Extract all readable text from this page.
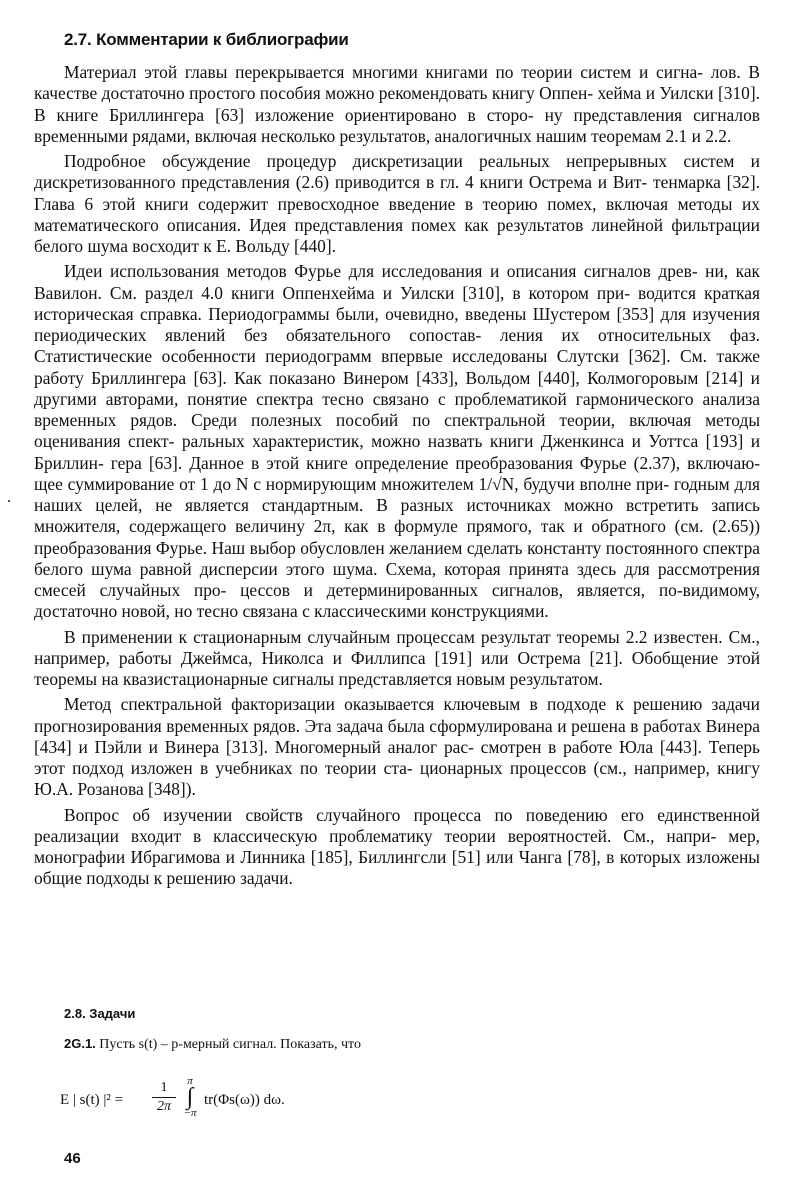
2.7. Комментарии к библиографии

Материал этой главы перекрывается многими книгами по теории систем и сигна- лов. В качестве достаточно простого пособия можно рекомендовать книгу Оппен- хейма и Уилски [310]. В книге Бриллингера [63] изложение ориентировано в сторо- ну представления сигналов временными рядами, включая несколько результатов, аналогичных нашим теоремам 2.1 и 2.2.

Подробное обсуждение процедур дискретизации реальных непрерывных систем и дискретизованного представления (2.6) приводится в гл. 4 книги Острема и Вит- тенмарка [32]. Глава 6 этой книги содержит превосходное введение в теорию помех, включая методы их математического описания. Идея представления помех как результатов линейной фильтрации белого шума восходит к Е. Вольду [440].

Идеи использования методов Фурье для исследования и описания сигналов древ- ни, как Вавилон. См. раздел 4.0 книги Оппенхейма и Уилски [310], в котором при- водится краткая историческая справка. Периодограммы были, очевидно, введены Шустером [353] для изучения периодических явлений без обязательного сопостав- ления их относительных фаз. Статистические особенности периодограмм впервые исследованы Слутски [362]. См. также работу Бриллингера [63]. Как показано Винером [433], Вольдом [440], Колмогоровым [214] и другими авторами, понятие спектра тесно связано с проблематикой гармонического анализа временных рядов. Среди полезных пособий по спектральной теории, включая методы оценивания спект- ральных характеристик, можно назвать книги Дженкинса и Уоттса [193] и Бриллин- гера [63]. Данное в этой книге определение преобразования Фурье (2.37), включаю- щее суммирование от 1 до N с нормирующим множителем 1/√N, будучи вполне при- годным для наших целей, не является стандартным. В разных источниках можно встретить запись множителя, содержащего величину 2π, как в формуле прямого, так и обратного (см. (2.65)) преобразования Фурье. Наш выбор обусловлен желанием сделать константу постоянного спектра белого шума равной дисперсии этого шума. Схема, которая принята здесь для рассмотрения смесей случайных про- цессов и детерминированных сигналов, является, по-видимому, достаточно новой, но тесно связана с классическими конструкциями.

В применении к стационарным случайным процессам результат теоремы 2.2 известен. См., например, работы Джеймса, Николса и Филлипса [191] или Острема [21]. Обобщение этой теоремы на квазистационарные сигналы представляется новым результатом.

Метод спектральной факторизации оказывается ключевым в подходе к решению задачи прогнозирования временных рядов. Эта задача была сформулирована и решена в работах Винера [434] и Пэйли и Винера [313]. Многомерный аналог рас- смотрен в работе Юла [443]. Теперь этот подход изложен в учебниках по теории ста- ционарных процессов (см., например, книгу Ю.А. Розанова [348]).

Вопрос об изучении свойств случайного процесса по поведению его единственной реализации входит в классическую проблематику теории вероятностей. См., напри- мер, монографии Ибрагимова и Линника [185], Биллингсли [51] или Чанга [78], в которых изложены общие подходы к решению задачи.

2.8. Задачи
2G.1. Пусть s(t) – p-мерный сигнал. Показать, что
E | s(t) |² =
1
2π
π
∫
−π
tr(Φs(ω)) dω.
46
